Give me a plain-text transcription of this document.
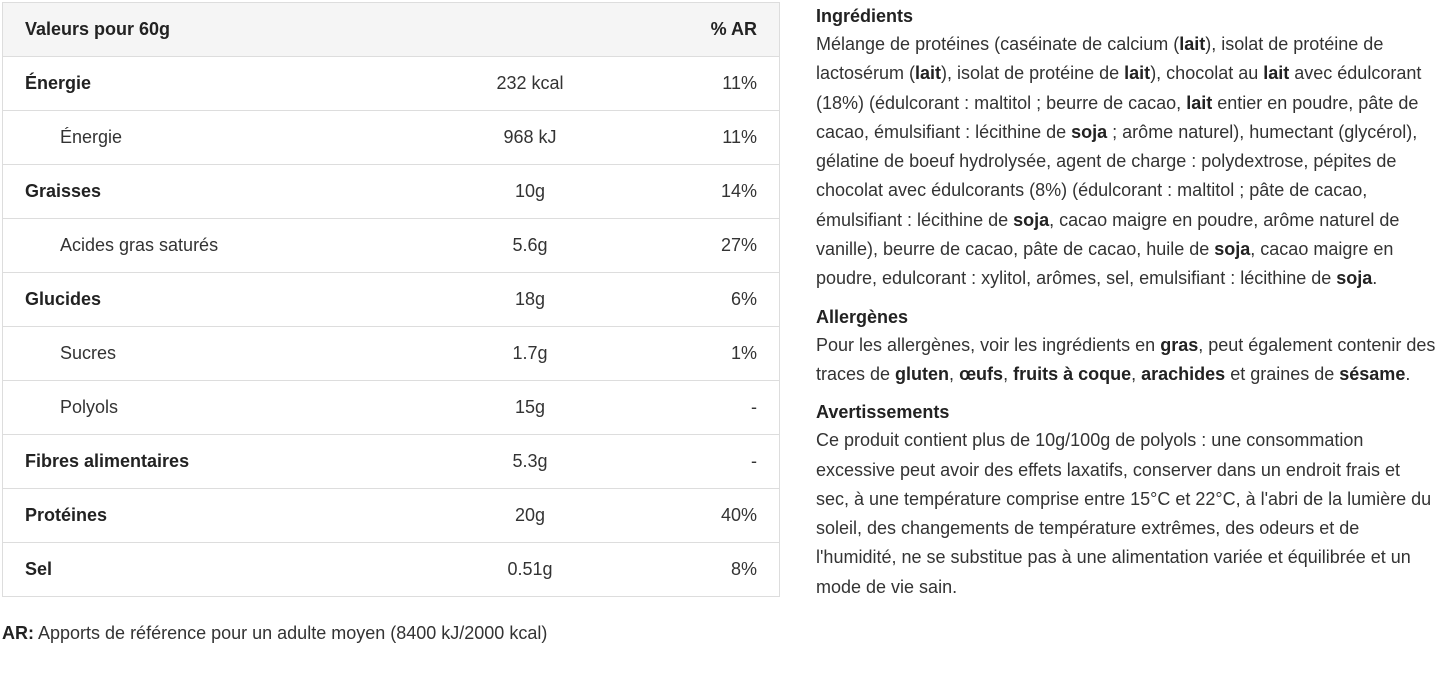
Valeurs pour 60g		% AR
Énergie	232 kcal	11%
Énergie	968 kJ	11%
Graisses	10g	14%
Acides gras saturés	5.6g	27%
Glucides	18g	6%
Sucres	1.7g	1%
Polyols	15g	-
Fibres alimentaires	5.3g	-
Protéines	20g	40%
Sel	0.51g	8%
AR: Apports de référence pour un adulte moyen (8400 kJ/2000 kcal)
Ingrédients

Mélange de protéines (caséinate de calcium (lait), isolat de protéine de lactosérum (lait), isolat de protéine de lait), chocolat au lait avec édulcorant (18%) (édulcorant : maltitol ; beurre de cacao, lait entier en poudre, pâte de cacao, émulsifiant : lécithine de soja ; arôme naturel), humectant (glycérol), gélatine de boeuf hydrolysée, agent de charge : polydextrose, pépites de chocolat avec édulcorants (8%) (édulcorant : maltitol ; pâte de cacao, émulsifiant : lécithine de soja, cacao maigre en poudre, arôme naturel de vanille), beurre de cacao, pâte de cacao, huile de soja, cacao maigre en poudre, edulcorant : xylitol, arômes, sel, emulsifiant : lécithine de soja.

Allergènes

Pour les allergènes, voir les ingrédients en gras, peut également contenir des traces de gluten, œufs, fruits à coque, arachides et graines de sésame.

Avertissements

Ce produit contient plus de 10g/100g de polyols : une consommation excessive peut avoir des effets laxatifs, conserver dans un endroit frais et sec, à une température comprise entre 15°C et 22°C, à l'abri de la lumière du soleil, des changements de température extrêmes, des odeurs et de l'humidité, ne se substitue pas à une alimentation variée et équilibrée et un mode de vie sain.
